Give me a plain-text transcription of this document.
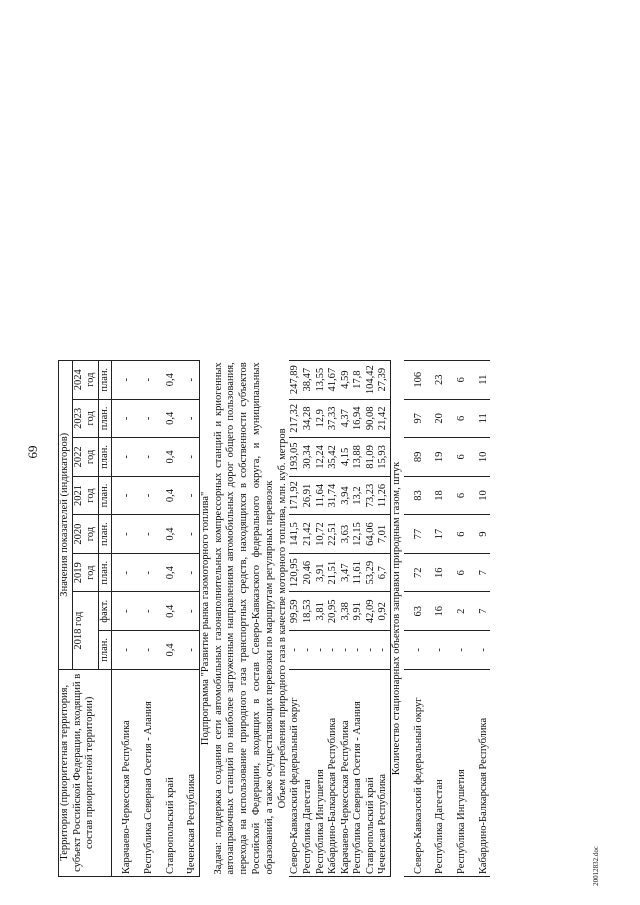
69
20012832.doc
Территория (приоритетная территория, субъект Российской Федерации, входящий в состав приоритетной территории)	Значения показателей (индикаторов)							
	2018 год		2019 год	2020 год	2021 год	2022 год	2023 год	2024 год
	план.	факт.	план.	план.	план.	план.	план.	план.

Карачаево-Черкесская Республика	-	-	-	-	-	-	-	-

Республика Северная Осетия - Алания	-	-	-	-	-	-	-	-

Ставропольский край	0,4	0,4	0,4	0,4	0,4	0,4	0,4	0,4

Чеченская Республика	-	-	-	-	-	-	-	-
Подпрограмма "Развитие рынка газомоторного топлива"								
Задача: поддержка создания сети автомобильных газонаполнительных компрессорных станций и криогенных автозаправочных станций по наиболее загруженным направлениям автомобильных дорог общего пользования, перехода на использование природного газа транспортных средств, находящихся в собственности субъектов Российской Федерации, входящих в состав Северо-Кавказского федерального округа, и муниципальных образований, а также осуществляющих перевозки по маршрутам регулярных перевозок								
Объем потребления природного газа в качестве моторного топлива, млн. куб. метров								
Северо-Кавказский федеральный округ	-	99,59	120,95	141,5	171,92	193,05	217,32	247,89
Республика Дагестан	-	18,53	20,46	21,42	26,91	30,34	34,28	38,47
Республика Ингушетия	-	3,81	3,91	10,72	11,64	12,24	12,9	13,55
Кабардино-Балкарская Республика	-	20,95	21,51	22,51	31,74	35,42	37,33	41,67
Карачаево-Черкесская Республика	-	3,38	3,47	3,63	3,94	4,15	4,37	4,59
Республика Северная Осетия - Алания	-	9,91	11,61	12,15	13,2	13,88	16,94	17,8
Ставропольский край	-	42,09	53,29	64,06	73,23	81,09	90,08	104,42
Чеченская Республика	-	0,92	6,7	7,01	11,26	15,93	21,42	27,39
Количество стационарных объектов заправки природным газом, штук								

Северо-Кавказский федеральный округ	-	63	72	77	83	89	97	106

Республика Дагестан	-	16	16	17	18	19	20	23

Республика Ингушетия	-	2	6	6	6	6	6	6

Кабардино-Балкарская Республика	-	7	7	9	10	10	11	11
